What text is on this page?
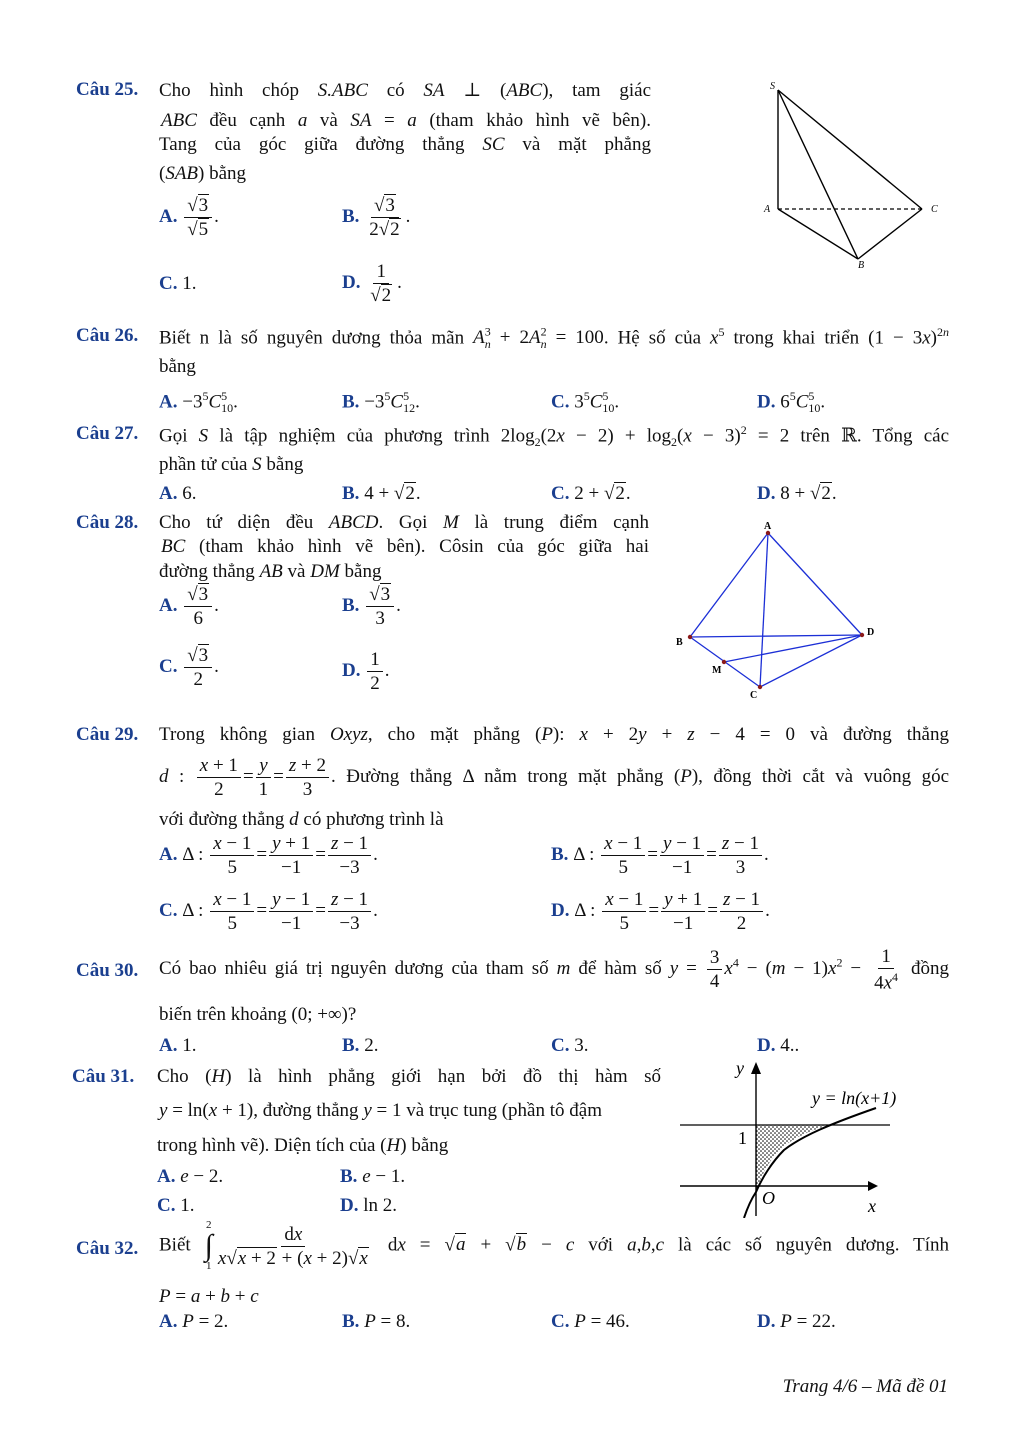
Câu 25. Cho hình chóp S.ABC có SA ⊥ (ABC), tam giác
ABC đều cạnh a và SA = a (tham khảo hình vẽ bên).
Tang của góc giữa đường thẳng SC và mặt phẳng
(SAB) bằng
A. $\frac{√3}{√5}$ .	B. $\frac{√3}{2√2}$ .
C. 1.	D. $\frac{1}{√2}$ .
S
A	C
B
Câu 26. Biết n là số nguyên dương thỏa mãn $A^3_n + 2A^2_n = 100$. Hệ số của $x^5$ trong khai triển $(1 - 3x)^{2n}$
bằng
A. $-3^5C^5_{10}$.	B. $-3^5C^5_{12}$.	C. $3^5C^5_{10}$.	D. $6^5C^5_{10}$.
Câu 27. Gọi S là tập nghiệm của phương trình $2\log_2(2x - 2) + \log_2(x - 3)^2 = 2$ trên ℝ. Tổng các
phần tử của S bằng
A. 6.	B. 4 + √2.	C. 2 + √2.	D. 8 + √2.
Câu 28. Cho tứ diện đều ABCD. Gọi M là trung điểm cạnh
BC (tham khảo hình vẽ bên). Côsin của góc giữa hai
đường thẳng AB và DM bằng
A. $\frac{√3}{6}$ .	B. $\frac{√3}{3}$ .
C. $\frac{√3}{2}$ .	D. $\frac{1}{2}$ .
A
B
D
M
C
Câu 29. Trong không gian Oxyz, cho mặt phẳng (P): x + 2y + z − 4 = 0 và đường thẳng
d : $\frac{x + 1}{2} = \frac{y}{1} = \frac{z + 2}{3}$ . Đường thẳng Δ nằm trong mặt phẳng (P), đồng thời cắt và vuông góc
với đường thẳng d có phương trình là
A. Δ : $\frac{x - 1}{5} = \frac{y + 1}{-1} = \frac{z - 1}{-3}$ .	B. Δ : $\frac{x - 1}{5} = \frac{y - 1}{-1} = \frac{z - 1}{3}$ .
C. Δ : $\frac{x - 1}{5} = \frac{y - 1}{-1} = \frac{z - 1}{-3}$ .	D. Δ : $\frac{x - 1}{5} = \frac{y + 1}{-1} = \frac{z - 1}{2}$ .
Câu 30. Có bao nhiêu giá trị nguyên dương của tham số m để hàm số $y = \frac{3}{4} x^4 - (m - 1)x^2 - \frac{1}{4x^4}$ đồng
biến trên khoảng (0; +∞)?
A. 1.	B. 2.	C. 3.	D. 4..
Câu 31. Cho (H) là hình phẳng giới hạn bởi đồ thị hàm số
y = ln(x + 1), đường thẳng y = 1 và trục tung (phần tô đậm
trong hình vẽ). Diện tích của (H) bằng
A. e − 2.	B. e − 1.
C. 1.	D. ln 2.
y
y = ln(x+1)
1
O	x
Câu 32. Biết
2
∫
$1 \frac{dx}{x√x + 2 + (x + 2)√x}$ dx = √a + √b − c với a,b,c là các số nguyên dương. Tính
P = a + b + c
A. P = 2.	B. P = 8.	C. P = 46.	D. P = 22.
Trang 4/6 – Mã đề 01
